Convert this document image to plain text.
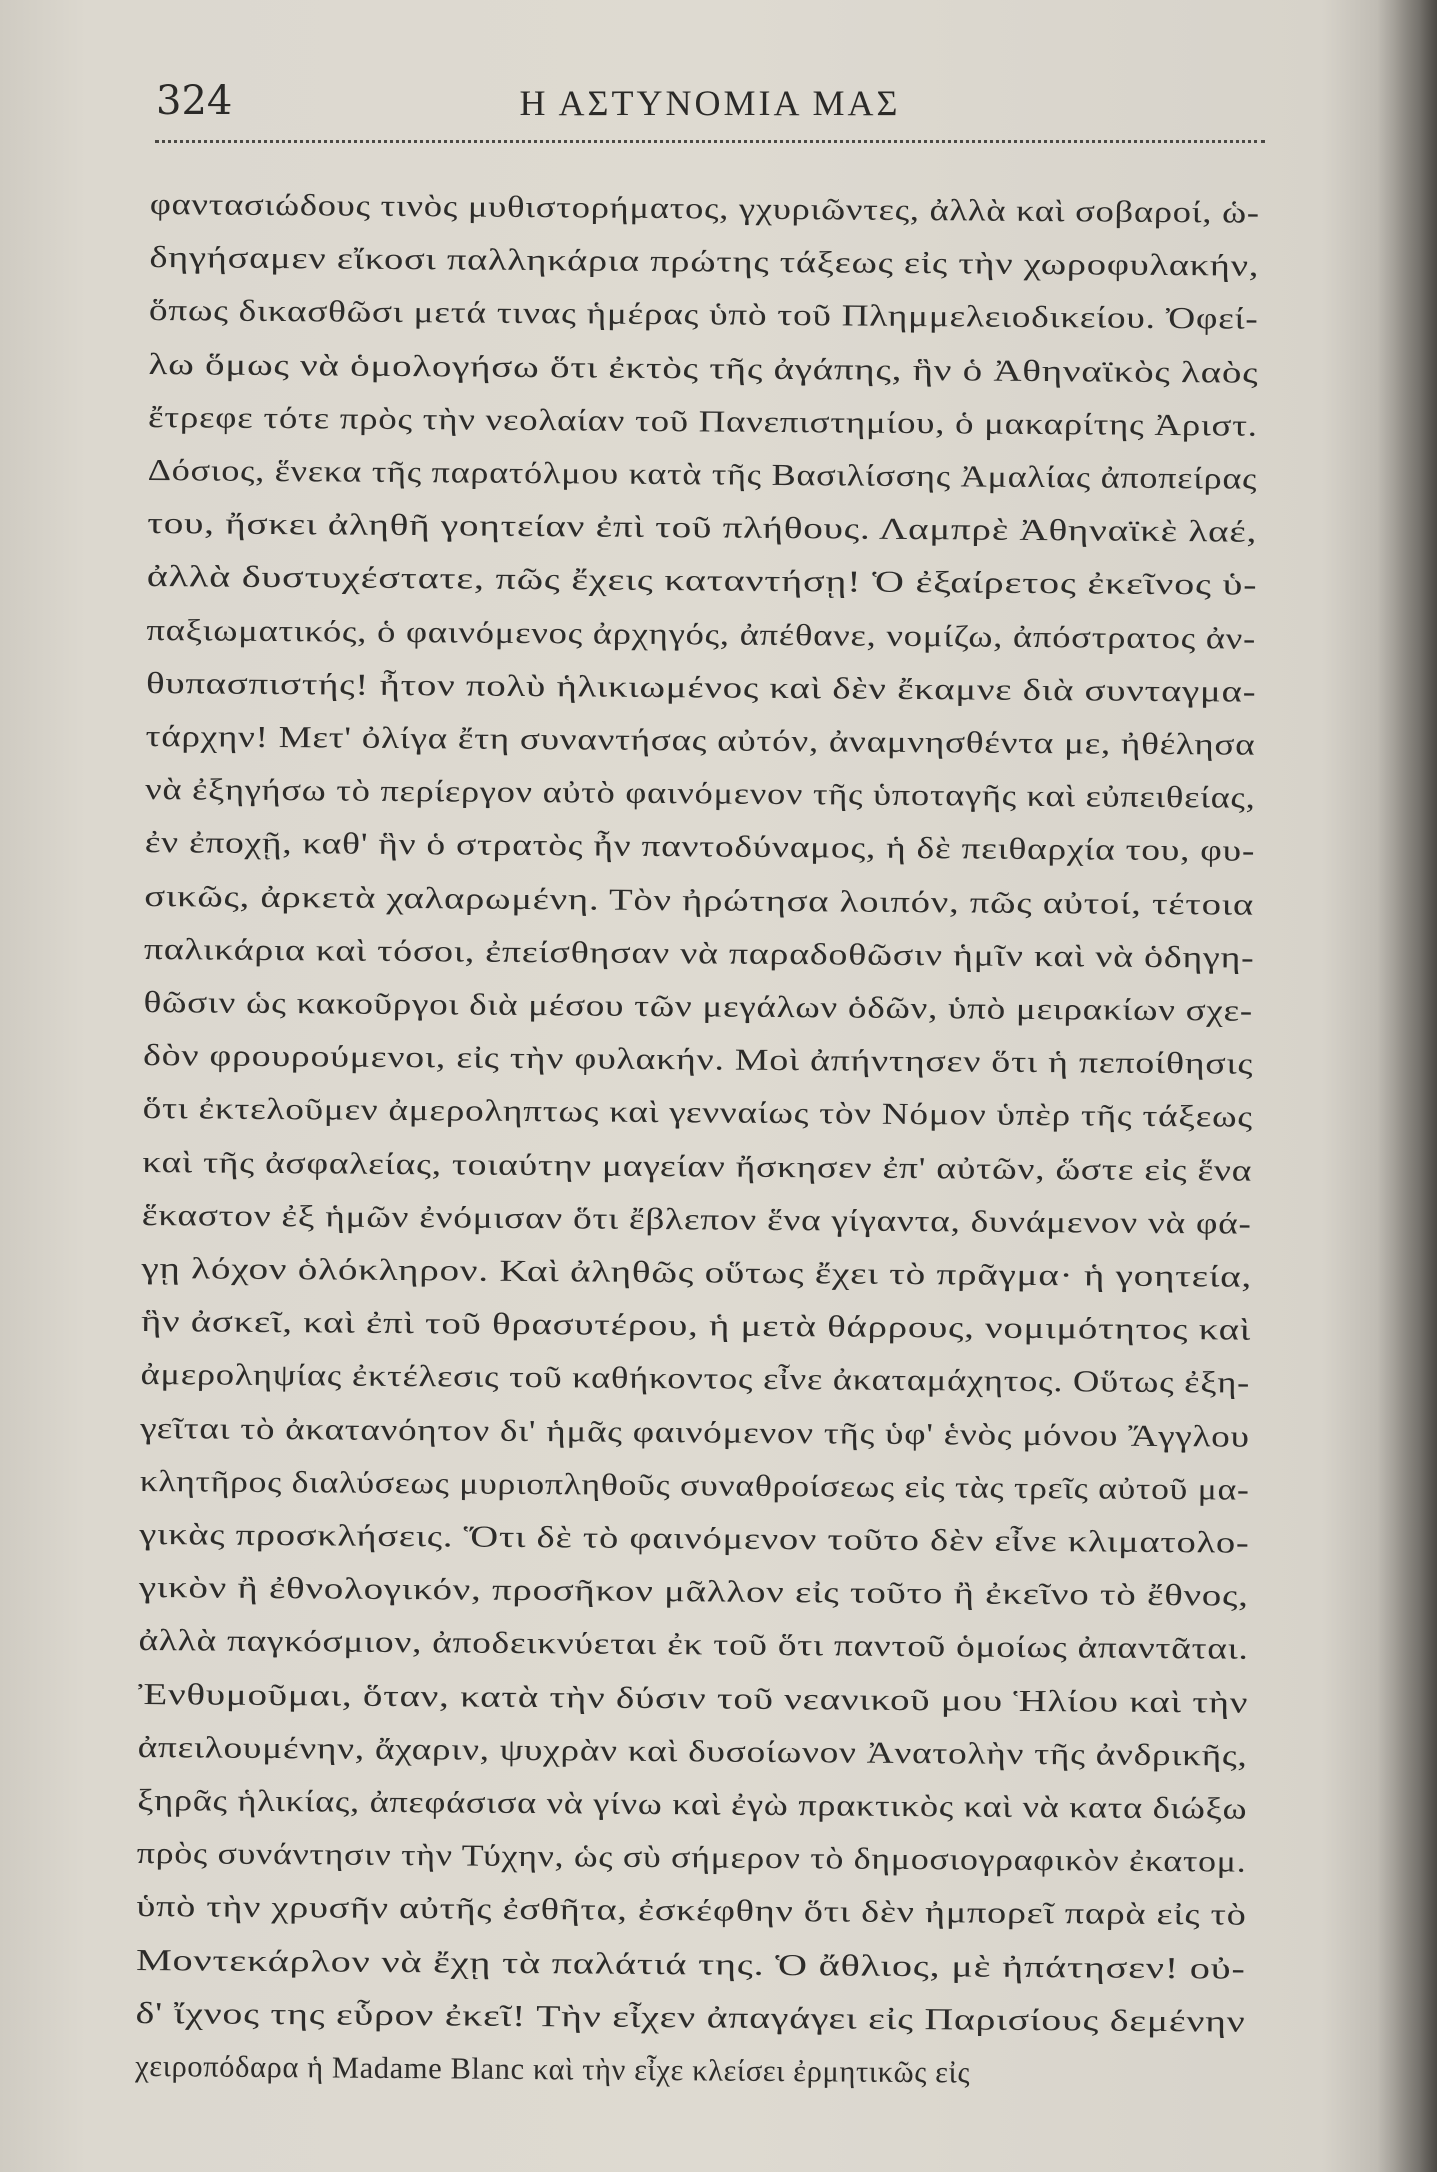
324	Η ΑΣΤΥΝΟΜΙΑ ΜΑΣ
φαντασιώδους τινὸς μυθιστορήματος, γχυριῶντες, ἀλλὰ καὶ σοβαροί, ὡ-
δηγήσαμεν εἴκοσι παλληκάρια πρώτης τάξεως εἰς τὴν χωροφυλακήν,
ὅπως δικασθῶσι μετά τινας ἡμέρας ὑπὸ τοῦ Πλημμελειοδικείου. Ὀφεί-
λω ὅμως νὰ ὁμολογήσω ὅτι ἐκτὸς τῆς ἀγάπης, ἣν ὁ Ἀθηναϊκὸς λαὸς
ἔτρεφε τότε πρὸς τὴν νεολαίαν τοῦ Πανεπιστημίου, ὁ μακαρίτης Ἀριστ.
Δόσιος, ἕνεκα τῆς παρατόλμου κατὰ τῆς Βασιλίσσης Ἀμαλίας ἀποπείρας
του, ἤσκει ἀληθῆ γοητείαν ἐπὶ τοῦ πλήθους. Λαμπρὲ Ἀθηναϊκὲ λαέ,
ἀλλὰ δυστυχέστατε, πῶς ἔχεις καταντήσῃ! Ὁ ἐξαίρετος ἐκεῖνος ὑ-
παξιωματικός, ὁ φαινόμενος ἀρχηγός, ἀπέθανε, νομίζω, ἀπόστρατος ἀν-
θυπασπιστής! ἦτον πολὺ ἡλικιωμένος καὶ δὲν ἔκαμνε διὰ συνταγμα-
τάρχην! Μετ' ὀλίγα ἔτη συναντήσας αὐτόν, ἀναμνησθέντα με, ἠθέλησα
νὰ ἐξηγήσω τὸ περίεργον αὐτὸ φαινόμενον τῆς ὑποταγῆς καὶ εὐπειθείας,
ἐν ἐποχῇ, καθ' ἣν ὁ στρατὸς ἦν παντοδύναμος, ἡ δὲ πειθαρχία του, φυ-
σικῶς, ἀρκετὰ χαλαρωμένη. Τὸν ἠρώτησα λοιπόν, πῶς αὐτοί, τέτοια
παλικάρια καὶ τόσοι, ἐπείσθησαν νὰ παραδοθῶσιν ἡμῖν καὶ νὰ ὁδηγη-
θῶσιν ὡς κακοῦργοι διὰ μέσου τῶν μεγάλων ὁδῶν, ὑπὸ μειρακίων σχε-
δὸν φρουρούμενοι, εἰς τὴν φυλακήν. Μοὶ ἀπήντησεν ὅτι ἡ πεποίθησις
ὅτι ἐκτελοῦμεν ἀμεροληπτως καὶ γενναίως τὸν Νόμον ὑπὲρ τῆς τάξεως
καὶ τῆς ἀσφαλείας, τοιαύτην μαγείαν ἤσκησεν ἐπ' αὐτῶν, ὥστε εἰς ἕνα
ἕκαστον ἐξ ἡμῶν ἐνόμισαν ὅτι ἔβλεπον ἕνα γίγαντα, δυνάμενον νὰ φά-
γῃ λόχον ὁλόκληρον. Καὶ ἀληθῶς οὕτως ἔχει τὸ πρᾶγμα· ἡ γοητεία,
ἣν ἀσκεῖ, καὶ ἐπὶ τοῦ θρασυτέρου, ἡ μετὰ θάρρους, νομιμότητος καὶ
ἀμεροληψίας ἐκτέλεσις τοῦ καθήκοντος εἶνε ἀκαταμάχητος. Οὕτως ἐξη-
γεῖται τὸ ἀκατανόητον δι' ἡμᾶς φαινόμενον τῆς ὑφ' ἑνὸς μόνου Ἄγγλου
κλητῆρος διαλύσεως μυριοπληθοῦς συναθροίσεως εἰς τὰς τρεῖς αὐτοῦ μα-
γικὰς προσκλήσεις. Ὅτι δὲ τὸ φαινόμενον τοῦτο δὲν εἶνε κλιματολο-
γικὸν ἢ ἐθνολογικόν, προσῆκον μᾶλλον εἰς τοῦτο ἢ ἐκεῖνο τὸ ἔθνος,
ἀλλὰ παγκόσμιον, ἀποδεικνύεται ἐκ τοῦ ὅτι παντοῦ ὁμοίως ἀπαντᾶται.
Ἐνθυμοῦμαι, ὅταν, κατὰ τὴν δύσιν τοῦ νεανικοῦ μου Ἡλίου καὶ τὴν
ἀπειλουμένην, ἄχαριν, ψυχρὰν καὶ δυσοίωνον Ἀνατολὴν τῆς ἀνδρικῆς,
ξηρᾶς ἡλικίας, ἀπεφάσισα νὰ γίνω καὶ ἐγὼ πρακτικὸς καὶ νὰ κατα διώξω
πρὸς συνάντησιν τὴν Τύχην, ὡς σὺ σήμερον τὸ δημοσιογραφικὸν ἐκατομ.
ὑπὸ τὴν χρυσῆν αὐτῆς ἐσθῆτα, ἐσκέφθην ὅτι δὲν ἠμπορεῖ παρὰ εἰς τὸ
Μοντεκάρλον νὰ ἔχῃ τὰ παλάτιά της. Ὁ ἄθλιος, μὲ ἠπάτησεν! οὐ-
δ' ἴχνος της εὗρον ἐκεῖ! Τὴν εἶχεν ἀπαγάγει εἰς Παρισίους δεμένην
χειροπόδαρα ἡ Madame Blanc καὶ τὴν εἶχε κλείσει ἐρμητικῶς εἰς
